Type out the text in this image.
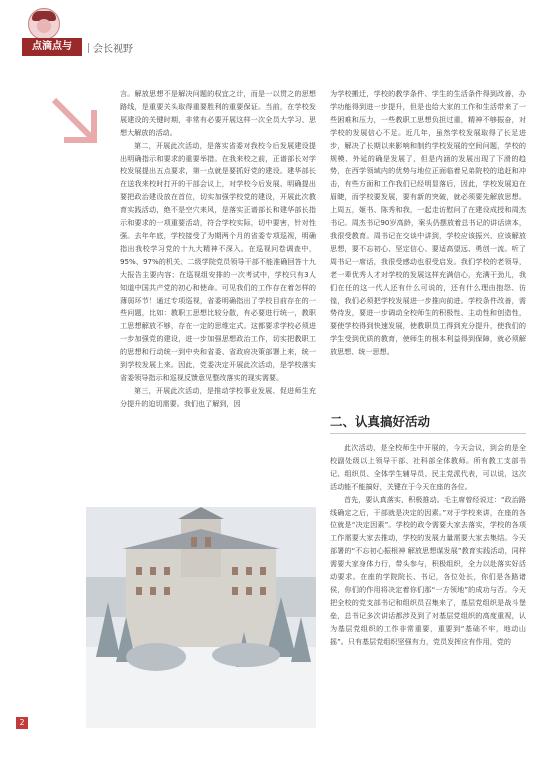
点滴点与	会长视野

言。解放思想不是解决问题的权宜之计，而是一以贯之的思想路线，是重要关头取得重要胜利的重要保证。当前，在学校发展建设的关键时期，非常有必要开展这样一次全员大学习、思想大解放的活动。

第二，开展此次活动，是落实省委对我校今后发展建设提出明确指示和要求的重要举措。在我来校之前，正谱部长对学校发展提出五点要求，第一点就是要抓好党的建设。建华部长在送我来校时打开的干部会议上，对学校今后发展、明确提出要把政治建设放在首位，切实加强学校党的建设，开展此次教育实践活动，绝不是空穴来风，是落实正谱部长和建华部长指示和要求的一项重要活动，符合学校实际，切中要害，针对性强。去年年底，学校接受了为期两个月的省委专项巡视，明确指出我校学习党的十九大精神不深入。在巡视问卷调查中，95%、97%的机关、二级学院党员领导干部不能准确回答十九大报告主要内容；在巡视组安排的一次考试中，学校只有3人知道中国共产党的初心和使命。可见我们的工作存在着怎样的薄弱环节！通过专项巡视，省委明确指出了学校目前存在的一些问题，比如：教职工思想比较分散，有必要进行统一，教职工思想解放不够，存在一定的思维定式。这都要求学校必须进一步加强党的建设，进一步加强思想政治工作，切实把教职工的思想和行动统一到中央和省委、省政府决策部署上来，统一到学校发展上来。因此，党委决定开展此次活动，是学校落实省委领导指示和巡视反馈意见整改落实的现实需要。

第三，开展此次活动，是推动学校事业发展、促进师生充分提升的迫切需要。我们也了解到，因

为学校搬迁，学校的教学条件、学生的生活条件得到改善，办学功能得到进一步提升，但是也给大家的工作和生活带来了一些困难和压力，一些教职工思想负担过重，精神不够振奋，对学校的发展信心不足。近几年，虽然学校发展取得了长足进步，解决了长期以来影响和制约学校发展的空间问题，学校的规模、外延的确是发展了，但是内涵的发展出现了下滑的趋势，在西学领域内的优势与地位正面临着兄弟院校的追赶和冲击，有些方面和工作我们已经明显落后，因此，学校发展迫在眉睫，而学校要发展，要有新的突破，就必须要先解放思想。上周五，姬书、陈秀和我，一起走访慰问了在建设成授和周杰书记。周杰书记90岁高龄，案头仍摆放着总书记的讲话读本，我很受教育。周书记在交谈中讲到，学校应该振兴、应该解放思想，要不忘初心、坚定信心、要适高望远、勇创一流。听了周书记一席话，我很受感动也很受启发。我们学校的老领导，老一辈优秀人才对学校的发展这样充满信心，充满干劲儿，我们在任的这一代人还有什么可说的，还有什么理由抱怨、彷徨，我们必须把学校发展进一步推向前进。学校条件改善，需势待发，要进一步调动全校师生的积极性、主动性和创造性，要使学校得到快速发展，使教职员工得到充分提升，使我们的学生受到优质的教育，使师生的根本利益得到保障，就必须解放思想、统一思想。

二、认真搞好活动

此次活动，是全校师生中开展的，今天会议，到会的是全校副处级以上领导干部、社科部全体教师。所有教工支部书记、组织员、全体学生辅导员、民主党派代表，可以说，这次活动能不能搞好，关键在于今天在座的各位。

首先，要认真落实、积极推动。毛主席曾经说过：“政治路线确定之后，干部就是决定的因素。”对于学校来讲，在座的各位就是“决定因素”。学校的政令需要大家去落实，学校的各项工作需要大家去推动，学校的发展力量需要大家去集结。今天部署的“不忘初心振根神 解放思想谋发展”教育实践活动，同样需要大家身体力行，带头参与，积极组织，全力以赴落实好活动要求。在座的学院院长、书记，各位处长，你们是各路诸侯，你们的作用将决定着你们那“一方领地”的成功与否。今天把全校的党支部书记和组织员召集来了，基层党组织是战斗堡垒，总书记多次讲话都涉及到了对基层党组织的高度重视，认为基层党组织的工作非常重要，重要到“基础不牢，地动山摇”。只有基层党组织坚强有力，党员发挥应有作用，党的

2
